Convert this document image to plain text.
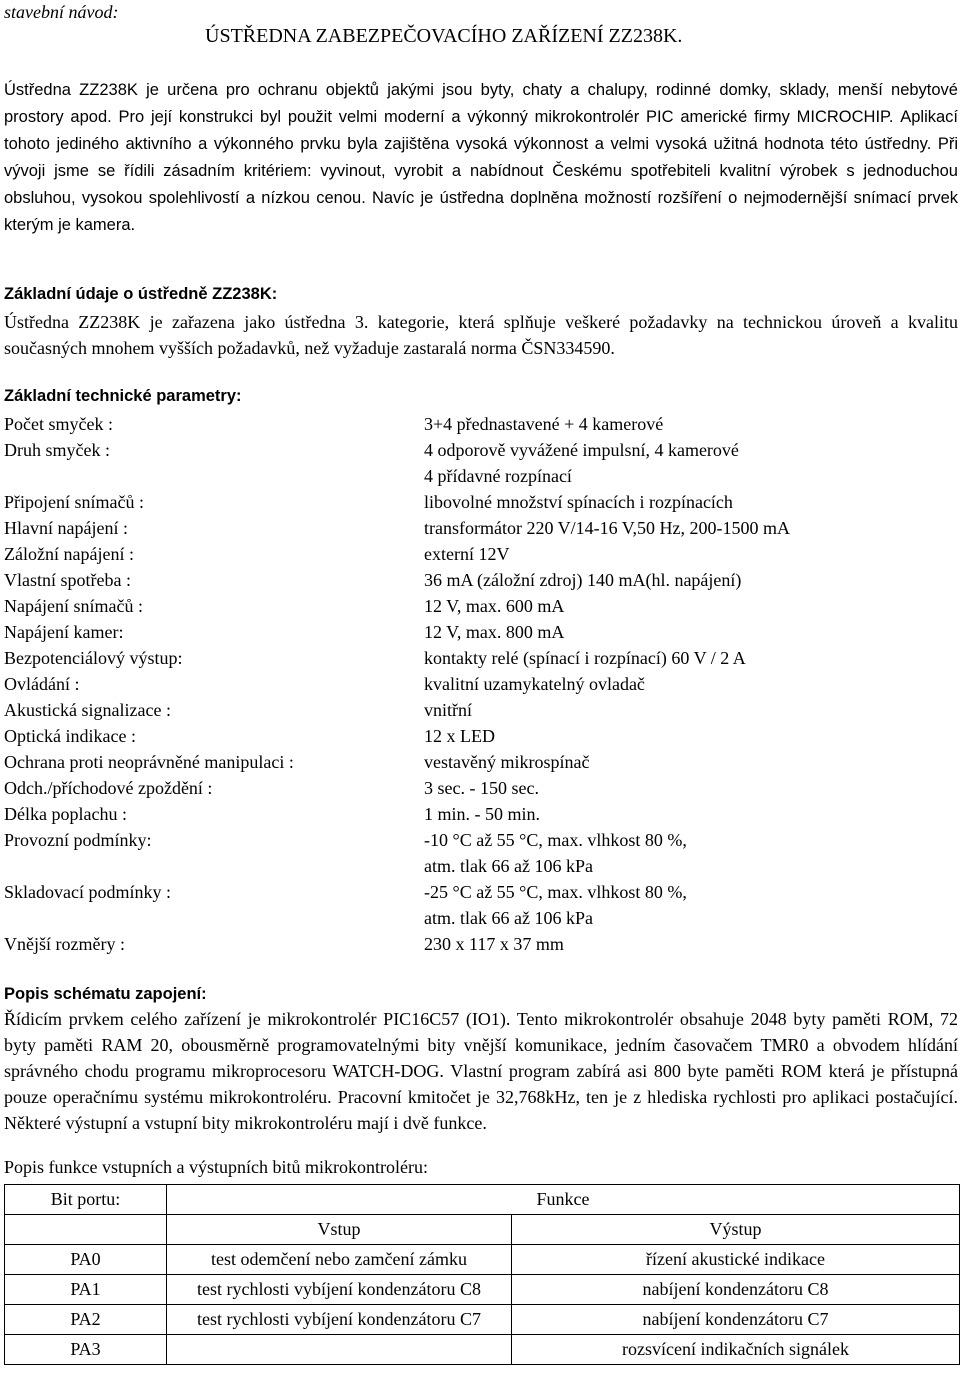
stavební návod:
ÚSTŘEDNA ZABEZPEČOVACÍHO ZAŘÍZENÍ ZZ238K.
Ústředna ZZ238K je určena pro ochranu objektů jakými jsou byty, chaty a chalupy, rodinné domky, sklady, menší nebytové prostory apod. Pro její konstrukci byl použit velmi moderní a výkonný mikrokontrolér PIC americké firmy MICROCHIP. Aplikací tohoto jediného aktivního a výkonného prvku byla zajištěna vysoká výkonnost a velmi vysoká užitná hodnota této ústředny. Při vývoji jsme se řídili zásadním kritériem: vyvinout, vyrobit a nabídnout Českému spotřebiteli kvalitní výrobek s jednoduchou obsluhou, vysokou spolehlivostí a nízkou cenou. Navíc je ústředna doplněna možností rozšíření o nejmodernější snímací prvek kterým je kamera.
Základní údaje o ústředně ZZ238K:
Ústředna ZZ238K je zařazena jako ústředna 3. kategorie, která splňuje veškeré požadavky na technickou úroveň a kvalitu současných mnohem vyšších požadavků, než vyžaduje zastaralá norma ČSN334590.
Základní technické parametry:
Počet smyček :	3+4 přednastavené + 4 kamerové
Druh smyček :	4 odporově vyvážené impulsní, 4 kamerové
4 přídavné rozpínací
Připojení snímačů :	libovolné množství spínacích i rozpínacích
Hlavní napájení :	transformátor 220 V/14-16 V,50 Hz, 200-1500 mA
Záložní napájení :	externí 12V
Vlastní spotřeba :	36 mA (záložní zdroj) 140 mA(hl. napájení)
Napájení snímačů :	12 V, max. 600 mA
Napájení kamer:	12 V, max. 800 mA
Bezpotenciálový výstup:	kontakty relé (spínací i rozpínací) 60 V / 2 A
Ovládání :	kvalitní uzamykatelný ovladač
Akustická signalizace :	vnitřní
Optická indikace :	12 x LED
Ochrana proti neoprávněné manipulaci :	vestavěný mikrospínač
Odch./příchodové zpoždění :	3 sec. - 150 sec.
Délka poplachu :	1 min. - 50 min.
Provozní podmínky:	-10 °C až 55 °C, max. vlhkost 80 %,
atm. tlak 66 až 106 kPa
Skladovací podmínky :	-25 °C až 55 °C, max. vlhkost 80 %,
atm. tlak 66 až 106 kPa
Vnější rozměry :	230 x 117 x 37 mm
Popis schématu zapojení:
Řídicím prvkem celého zařízení je mikrokontrolér PIC16C57 (IO1). Tento mikrokontrolér obsahuje 2048 byty paměti ROM, 72 byty paměti RAM 20, obousměrně programovatelnými bity vnější komunikace, jedním časovačem TMR0 a obvodem hlídání správného chodu programu mikroprocesoru WATCH-DOG. Vlastní program zabírá asi 800 byte paměti ROM která je přístupná pouze operačnímu systému mikrokontroléru. Pracovní kmitočet je 32,768kHz, ten je z hlediska rychlosti pro aplikaci postačující. Některé výstupní a vstupní bity mikrokontroléru mají i dvě funkce.
Popis funkce vstupních a výstupních bitů mikrokontroléru:
Bit portu:	Funkce	
	Vstup	Výstup
PA0	test odemčení nebo zamčení zámku	řízení akustické indikace
PA1	test rychlosti vybíjení kondenzátoru C8	nabíjení kondenzátoru C8
PA2	test rychlosti vybíjení kondenzátoru C7	nabíjení kondenzátoru C7
PA3		rozsvícení indikačních signálek
